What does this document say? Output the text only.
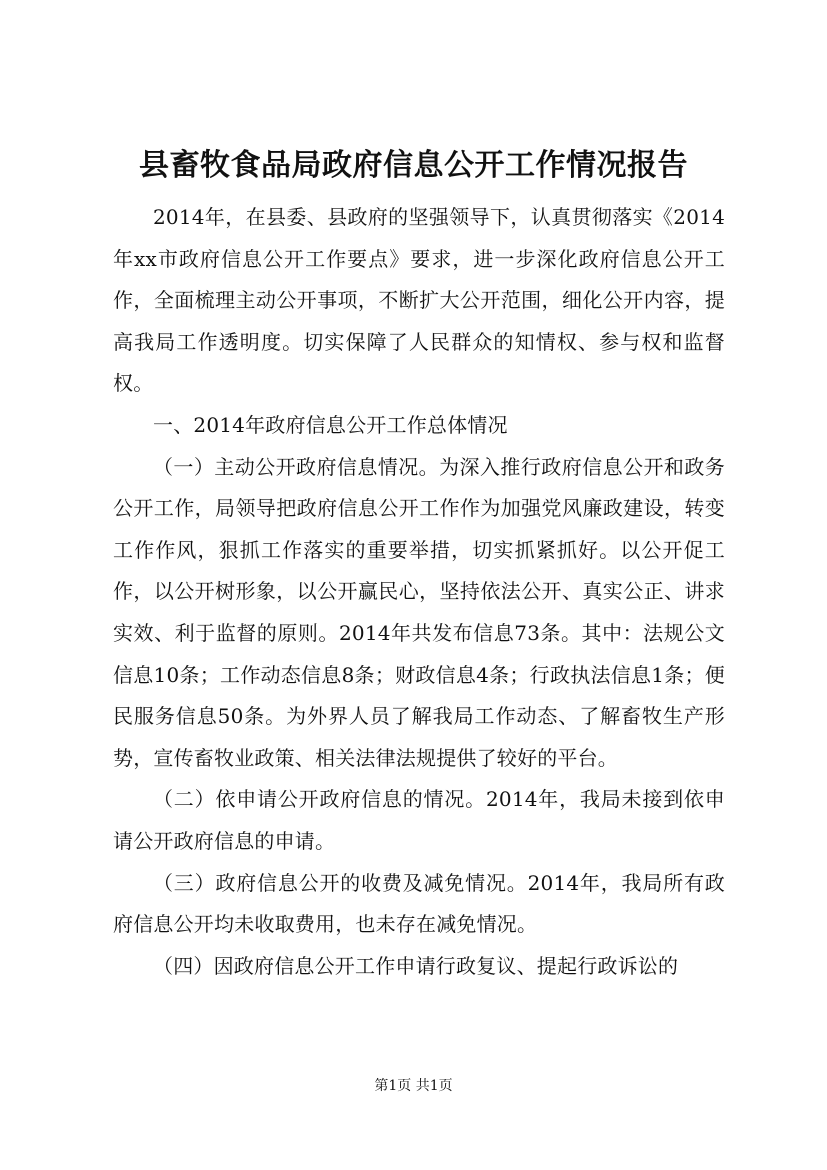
县畜牧食品局政府信息公开工作情况报告

2014年，在县委、县政府的坚强领导下，认真贯彻落实《2014年xx市政府信息公开工作要点》要求，进一步深化政府信息公开工作，全面梳理主动公开事项，不断扩大公开范围，细化公开内容，提高我局工作透明度。切实保障了人民群众的知情权、参与权和监督权。

一、2014年政府信息公开工作总体情况

（一）主动公开政府信息情况。为深入推行政府信息公开和政务公开工作，局领导把政府信息公开工作作为加强党风廉政建设，转变工作作风，狠抓工作落实的重要举措，切实抓紧抓好。以公开促工作，以公开树形象，以公开赢民心，坚持依法公开、真实公正、讲求实效、利于监督的原则。2014年共发布信息73条。其中：法规公文信息10条；工作动态信息8条；财政信息4条；行政执法信息1条；便民服务信息50条。为外界人员了解我局工作动态、了解畜牧生产形势，宣传畜牧业政策、相关法律法规提供了较好的平台。

（二）依申请公开政府信息的情况。2014年，我局未接到依申请公开政府信息的申请。

（三）政府信息公开的收费及减免情况。2014年，我局所有政府信息公开均未收取费用，也未存在减免情况。

（四）因政府信息公开工作申请行政复议、提起行政诉讼的

第1页 共1页
